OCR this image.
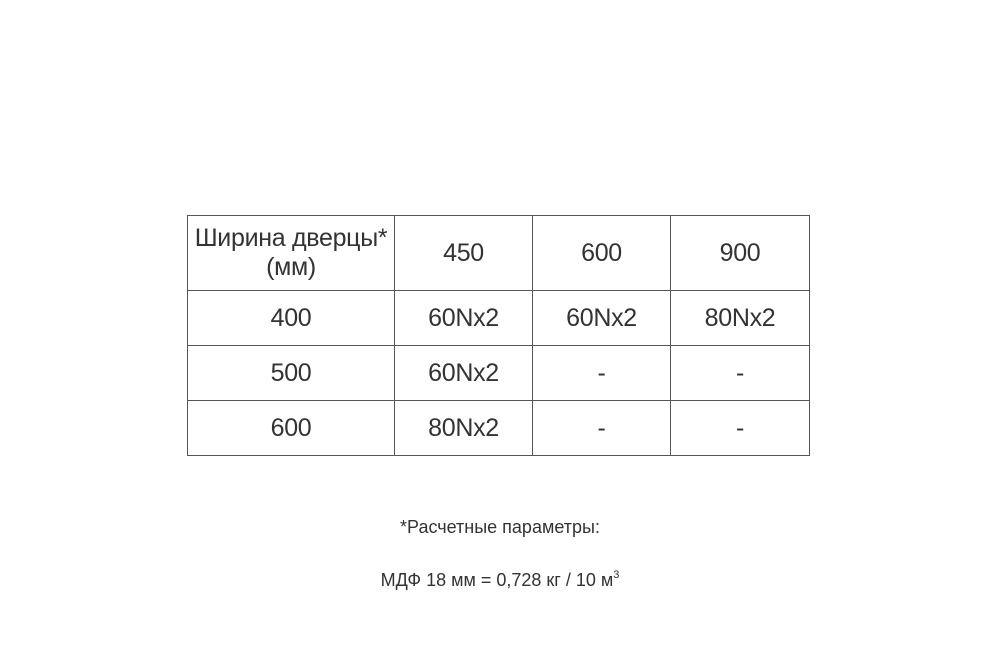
Ширина дверцы*
(мм)	450	600	900
400	60Nx2	60Nx2	80Nx2
500	60Nx2	-	-
600	80Nx2	-	-
*Расчетные параметры:
МДФ 18 мм = 0,728 кг / 10 $м^3$
